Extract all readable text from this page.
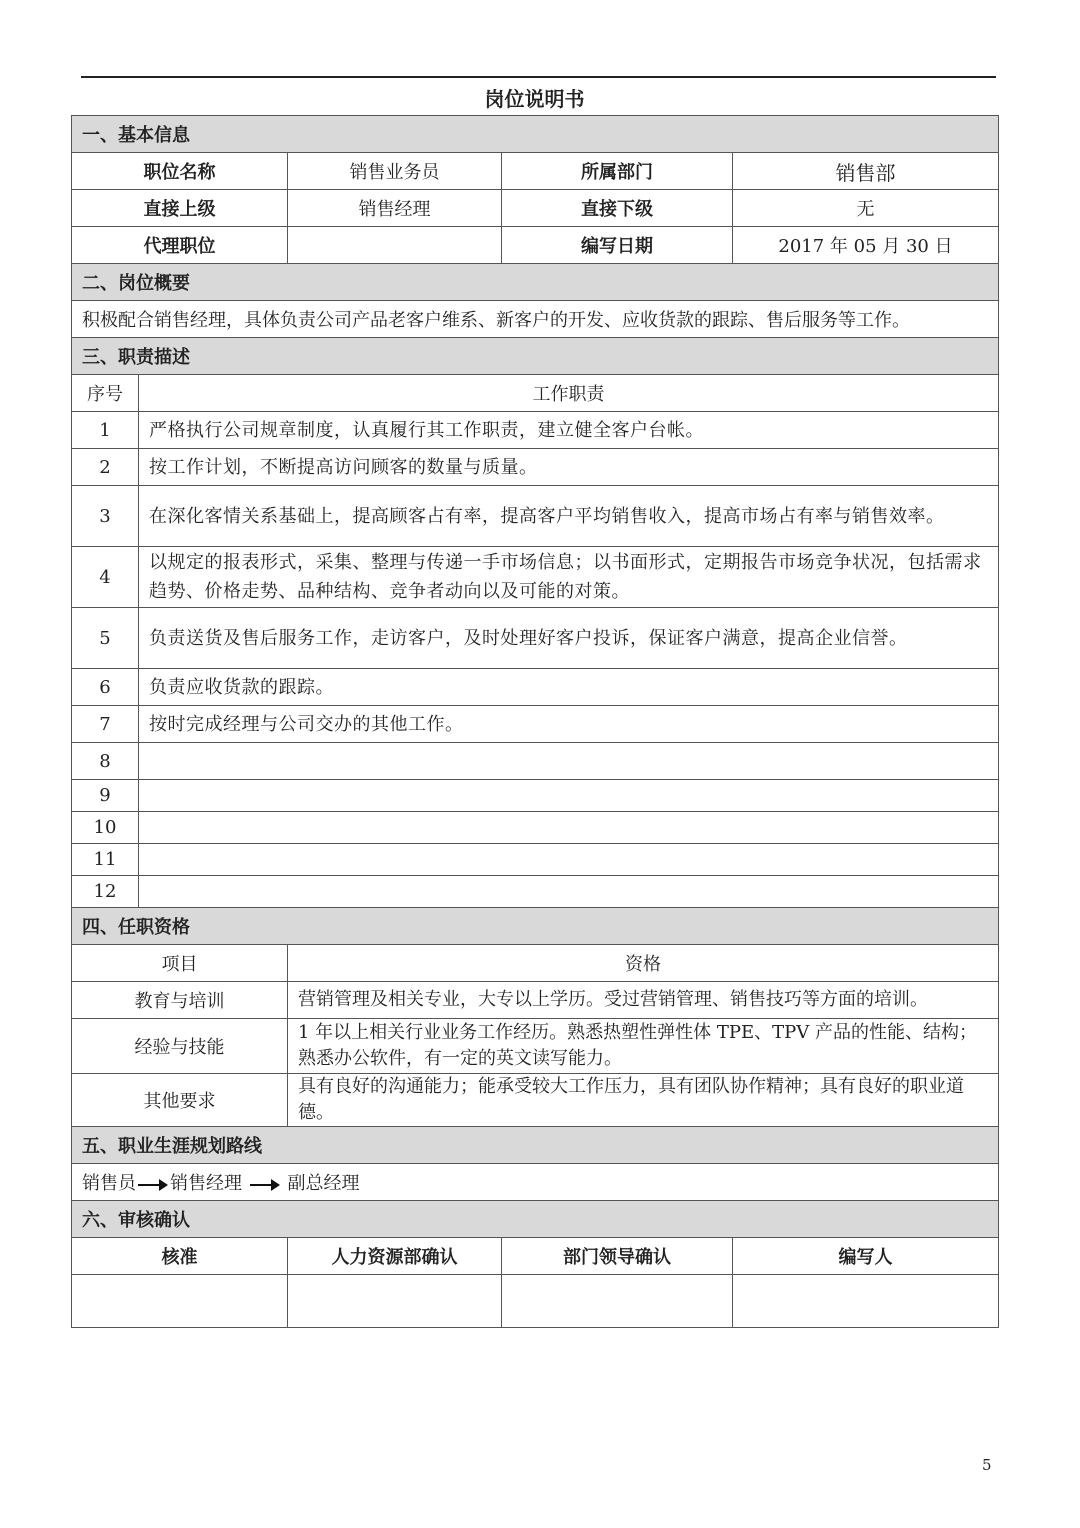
岗位说明书
一、基本信息				
职位名称		销售业务员	所属部门	销售部
直接上级		销售经理	直接下级	无
代理职位			编写日期	2017 年 05 月 30 日
二、岗位概要				
积极配合销售经理，具体负责公司产品老客户维系、新客户的开发、应收货款的跟踪、售后服务等工作。				
三、职责描述				
序号	工作职责			
1	严格执行公司规章制度，认真履行其工作职责，建立健全客户台帐。			
2	按工作计划，不断提高访问顾客的数量与质量。			
3	在深化客情关系基础上，提高顾客占有率，提高客户平均销售收入，提高市场占有率与销售效率。			
4	以规定的报表形式，采集、整理与传递一手市场信息；以书面形式，定期报告市场竞争状况，包括需求趋势、价格走势、品种结构、竞争者动向以及可能的对策。			
5	负责送货及售后服务工作，走访客户，及时处理好客户投诉，保证客户满意，提高企业信誉。			
6	负责应收货款的跟踪。			
7	按时完成经理与公司交办的其他工作。			
8				
9				
10				
11				
12				
四、任职资格				
项目		资格		
教育与培训		营销管理及相关专业，大专以上学历。受过营销管理、销售技巧等方面的培训。		
经验与技能		1 年以上相关行业业务工作经历。熟悉热塑性弹性体 TPE、TPV 产品的性能、结构；熟悉办公软件，有一定的英文读写能力。		
其他要求		具有良好的沟通能力；能承受较大工作压力，具有团队协作精神；具有良好的职业道德。		
五、职业生涯规划路线				
销售员 销售经理 副总经理				
六、审核确认				
核准		人力资源部确认	部门领导确认	编写人

5
